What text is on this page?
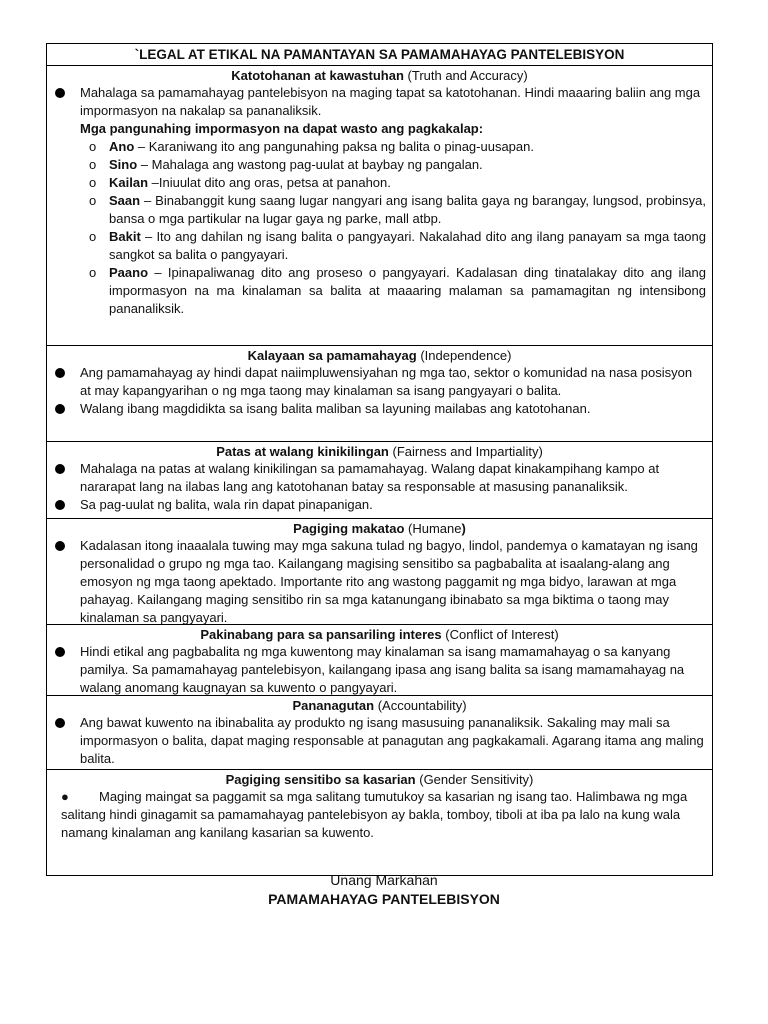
`LEGAL AT ETIKAL NA PAMANTAYAN SA PAMAMAHAYAG PANTELEBISYON
Katotohanan at kawastuhan (Truth and Accuracy)
Mahalaga sa pamamahayag pantelebisyon na maging tapat sa katotohanan. Hindi maaaring baliin ang mga impormasyon na nakalap sa pananaliksik.
Mga pangunahing impormasyon na dapat wasto ang pagkakalap:
o Ano – Karaniwang ito ang pangunahing paksa ng balita o pinag-uusapan.
o Sino – Mahalaga ang wastong pag-uulat at baybay ng pangalan.
o Kailan –Iniuulat dito ang oras, petsa at panahon.
o Saan – Binabanggit kung saang lugar nangyari ang isang balita gaya ng barangay, lungsod, probinsya, bansa o mga partikular na lugar gaya ng parke, mall atbp.
o Bakit – Ito ang dahilan ng isang balita o pangyayari. Nakalahad dito ang ilang panayam sa mga taong sangkot sa balita o pangyayari.
o Paano – Ipinapaliwanag dito ang proseso o pangyayari. Kadalasan ding tinatalakay dito ang ilang impormasyon na ma kinalaman sa balita at maaaring malaman sa pamamagitan ng intensibong pananaliksik.
Kalayaan sa pamamahayag (Independence)
Ang pamamahayag ay hindi dapat naiimpluwensiyahan ng mga tao, sektor o komunidad na nasa posisyon at may kapangyarihan o ng mga taong may kinalaman sa isang pangyayari o balita.
Walang ibang magdidikta sa isang balita maliban sa layuning mailabas ang katotohanan.
Patas at walang kinikilingan (Fairness and Impartiality)
Mahalaga na patas at walang kinikilingan sa pamamahayag. Walang dapat kinakampihang kampo at nararapat lang na ilabas lang ang katotohanan batay sa responsable at masusing pananaliksik.
Sa pag-uulat ng balita, wala rin dapat pinapanigan.
Pagiging makatao (Humane)
Kadalasan itong inaaalala tuwing may mga sakuna tulad ng bagyo, lindol, pandemya o kamatayan ng isang personalidad o grupo ng mga tao. Kailangang magising sensitibo sa pagbabalita at isaalang-alang ang emosyon ng mga taong apektado. Importante rito ang wastong paggamit ng mga bidyo, larawan at mga pahayag. Kailangang maging sensitibo rin sa mga katanungang ibinabato sa mga biktima o taong may kinalaman sa pangyayari.
Pakinabang para sa pansariling interes (Conflict of Interest)
Hindi etikal ang pagbabalita ng mga kuwentong may kinalaman sa isang mamamahayag o sa kanyang pamilya. Sa pamamahayag pantelebisyon, kailangang ipasa ang isang balita sa isang mamamahayag na walang anomang kaugnayan sa kuwento o pangyayari.
Pananagutan (Accountability)
Ang bawat kuwento na ibinabalita ay produkto ng isang masusuing pananaliksik. Sakaling may mali sa impormasyon o balita, dapat maging responsable at panagutan ang pagkakamali. Agarang itama ang maling balita.
Pagiging sensitibo sa kasarian (Gender Sensitivity)
● Maging maingat sa paggamit sa mga salitang tumutukoy sa kasarian ng isang tao. Halimbawa ng mga salitang hindi ginagamit sa pamamahayag pantelebisyon ay bakla, tomboy, tiboli at iba pa lalo na kung wala namang kinalaman ang kanilang kasarian sa kuwento.
Unang Markahan
PAMAMAHAYAG PANTELEBISYON
